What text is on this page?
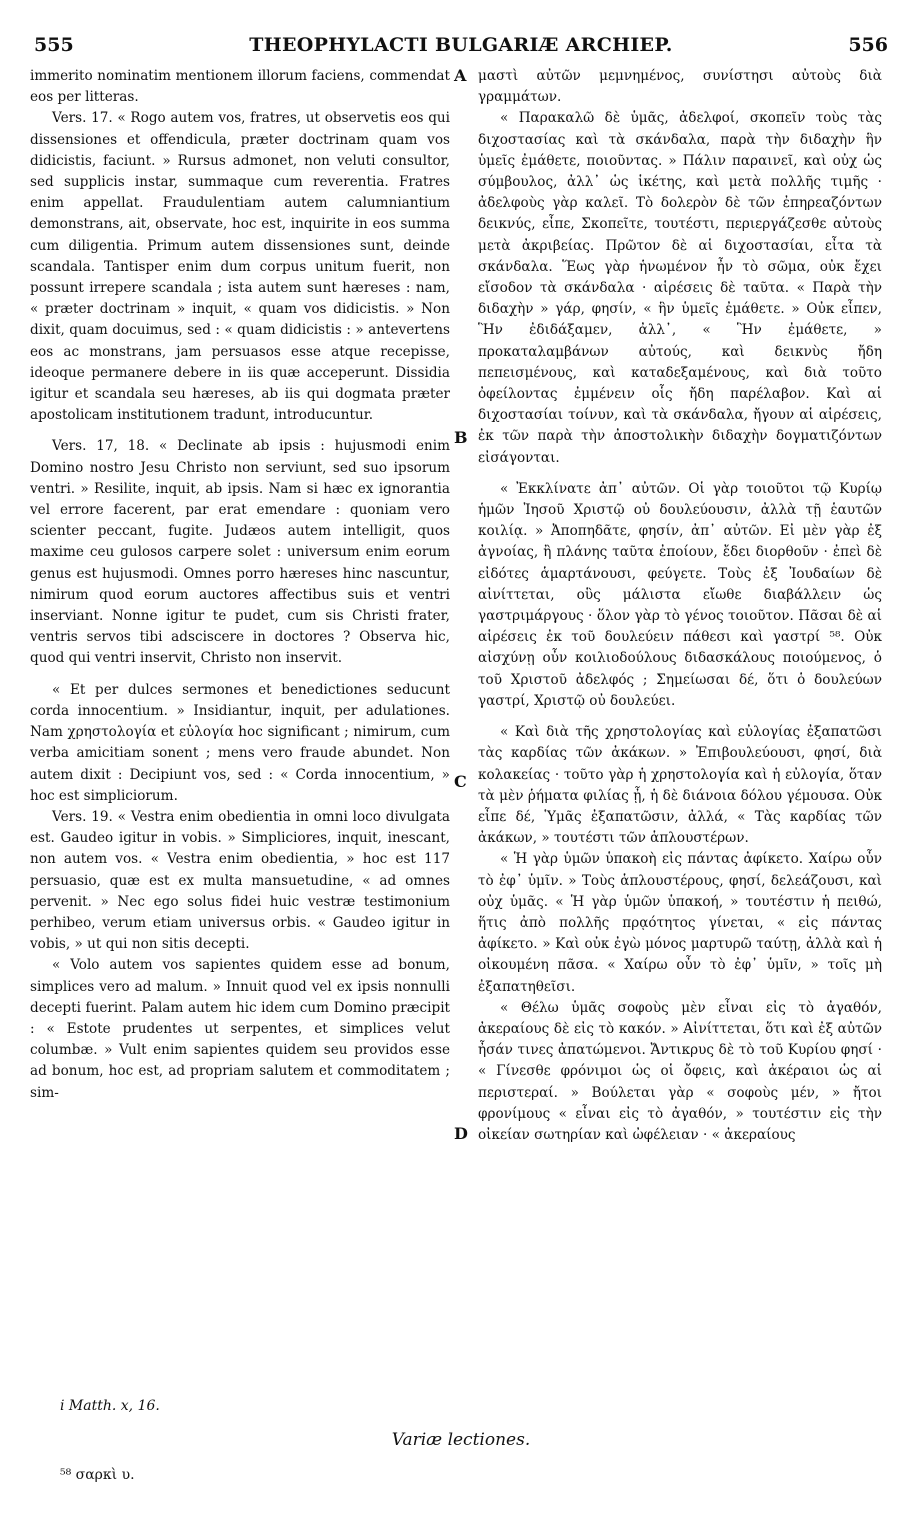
555	THEOPHYLACTI BULGARIÆ ARCHIEP.	556

immerito nominatim mentionem illorum faciens, commendat eos per litteras.

Vers. 17. « Rogo autem vos, fratres, ut observetis eos qui dissensiones et offendicula, præter doctrinam quam vos didicistis, faciunt. » Rursus admonet, non veluti consultor, sed supplicis instar, summaque cum reverentia. Fratres enim appellat. Fraudulentiam autem calumniantium demonstrans, ait, observate, hoc est, inquirite in eos summa cum diligentia. Primum autem dissensiones sunt, deinde scandala. Tantisper enim dum corpus unitum fuerit, non possunt irrepere scandala ; ista autem sunt hæreses : nam, « præter doctrinam » inquit, « quam vos didicistis. » Non dixit, quam docuimus, sed : « quam didicistis : » antevertens eos ac monstrans, jam persuasos esse atque recepisse, ideoque permanere debere in iis quæ acceperunt. Dissidia igitur et scandala seu hæreses, ab iis qui dogmata præter apostolicam institutionem tradunt, introducuntur.

Vers. 17, 18. « Declinate ab ipsis : hujusmodi enim Domino nostro Jesu Christo non serviunt, sed suo ipsorum ventri. » Resilite, inquit, ab ipsis. Nam si hæc ex ignorantia vel errore facerent, par erat emendare : quoniam vero scienter peccant, fugite. Judæos autem intelligit, quos maxime ceu gulosos carpere solet : universum enim eorum genus est hujusmodi. Omnes porro hæreses hinc nascuntur, nimirum quod eorum auctores affectibus suis et ventri inserviant. Nonne igitur te pudet, cum sis Christi frater, ventris servos tibi adsciscere in doctores ? Observa hic, quod qui ventri inservit, Christo non inservit.

« Et per dulces sermones et benedictiones seducunt corda innocentium. » Insidiantur, inquit, per adulationes. Nam χρηστολογία et εὐλογία hoc significant ; nimirum, cum verba amicitiam sonent ; mens vero fraude abundet. Non autem dixit : Decipiunt vos, sed : « Corda innocentium, » hoc est simpliciorum.

Vers. 19. « Vestra enim obedientia in omni loco divulgata est. Gaudeo igitur in vobis. » Simpliciores, inquit, inescant, non autem vos. « Vestra enim obedientia, » hoc est 117 persuasio, quæ est ex multa mansuetudine, « ad omnes pervenit. » Nec ego solus fidei huic vestræ testimonium perhibeo, verum etiam universus orbis. « Gaudeo igitur in vobis, » ut qui non sitis decepti.

« Volo autem vos sapientes quidem esse ad bonum, simplices vero ad malum. » Innuit quod vel ex ipsis nonnulli decepti fuerint. Palam autem hic idem cum Domino præcipit : « Estote prudentes ut serpentes, et simplices velut columbæ. » Vult enim sapientes quidem seu providos esse ad bonum, hoc est, ad propriam salutem et commoditatem ; sim-

A
B
C
D

μαστὶ αὐτῶν μεμνημένος, συνίστησι αὐτοὺς διὰ γραμμάτων.

« Παρακαλῶ δὲ ὑμᾶς, ἀδελφοί, σκοπεῖν τοὺς τὰς διχοστασίας καὶ τὰ σκάνδαλα, παρὰ τὴν διδαχὴν ἣν ὑμεῖς ἐμάθετε, ποιοῦντας. » Πάλιν παραινεῖ, καὶ οὐχ ὡς σύμβουλος, ἀλλ᾽ ὡς ἱκέτης, καὶ μετὰ πολλῆς τιμῆς · ἀδελφοὺς γὰρ καλεῖ. Τὸ δολερὸν δὲ τῶν ἐπηρεαζόντων δεικνύς, εἶπε, Σκοπεῖτε, τουτέστι, περιεργάζεσθε αὐτοὺς μετὰ ἀκριβείας. Πρῶτον δὲ αἱ διχοστασίαι, εἶτα τὰ σκάνδαλα. Ἕως γὰρ ἡνωμένον ἦν τὸ σῶμα, οὐκ ἔχει εἴσοδον τὰ σκάνδαλα · αἱρέσεις δὲ ταῦτα. « Παρὰ τὴν διδαχὴν » γάρ, φησίν, « ἣν ὑμεῖς ἐμάθετε. » Οὐκ εἶπεν, Ἣν ἐδιδάξαμεν, ἀλλ᾽, « Ἣν ἐμάθετε, » προκαταλαμβάνων αὐτούς, καὶ δεικνὺς ἤδη πεπεισμένους, καὶ καταδεξαμένους, καὶ διὰ τοῦτο ὀφείλοντας ἐμμένειν οἷς ἤδη παρέλαβον. Καὶ αἱ διχοστασίαι τοίνυν, καὶ τὰ σκάνδαλα, ἤγουν αἱ αἱρέσεις, ἐκ τῶν παρὰ τὴν ἀποστολικὴν διδαχὴν δογματιζόντων εἰσάγονται.

« Ἐκκλίνατε ἀπ᾽ αὐτῶν. Οἱ γὰρ τοιοῦτοι τῷ Κυρίῳ ἡμῶν Ἰησοῦ Χριστῷ οὐ δουλεύουσιν, ἀλλὰ τῇ ἑαυτῶν κοιλίᾳ. » Ἀποπηδᾶτε, φησίν, ἀπ᾽ αὐτῶν. Εἰ μὲν γὰρ ἐξ ἀγνοίας, ἢ πλάνης ταῦτα ἐποίουν, ἔδει διορθοῦν · ἐπεὶ δὲ εἰδότες ἁμαρτάνουσι, φεύγετε. Τοὺς ἐξ Ἰουδαίων δὲ αἰνίττεται, οὓς μάλιστα εἴωθε διαβάλλειν ὡς γαστριμάργους · ὅλον γὰρ τὸ γένος τοιοῦτον. Πᾶσαι δὲ αἱ αἱρέσεις ἐκ τοῦ δουλεύειν πάθεσι καὶ γαστρί ⁵⁸. Οὐκ αἰσχύνῃ οὖν κοιλιοδούλους διδασκάλους ποιούμενος, ὁ τοῦ Χριστοῦ ἀδελφός ; Σημείωσαι δέ, ὅτι ὁ δουλεύων γαστρί, Χριστῷ οὐ δουλεύει.

« Καὶ διὰ τῆς χρηστολογίας καὶ εὐλογίας ἐξαπατῶσι τὰς καρδίας τῶν ἀκάκων. » Ἐπιβουλεύουσι, φησί, διὰ κολακείας · τοῦτο γὰρ ἡ χρηστολογία καὶ ἡ εὐλογία, ὅταν τὰ μὲν ῥήματα φιλίας ᾖ, ἡ δὲ διάνοια δόλου γέμουσα. Οὐκ εἶπε δέ, Ὑμᾶς ἐξαπατῶσιν, ἀλλά, « Τὰς καρδίας τῶν ἀκάκων, » τουτέστι τῶν ἁπλουστέρων.

« Ἡ γὰρ ὑμῶν ὑπακοὴ εἰς πάντας ἀφίκετο. Χαίρω οὖν τὸ ἐφ᾽ ὑμῖν. » Τοὺς ἁπλουστέρους, φησί, δελεάζουσι, καὶ οὐχ ὑμᾶς. « Ἡ γὰρ ὑμῶν ὑπακοή, » τουτέστιν ἡ πειθώ, ἥτις ἀπὸ πολλῆς πρᾳότητος γίνεται, « εἰς πάντας ἀφίκετο. » Καὶ οὐκ ἐγὼ μόνος μαρτυρῶ ταύτῃ, ἀλλὰ καὶ ἡ οἰκουμένη πᾶσα. « Χαίρω οὖν τὸ ἐφ᾽ ὑμῖν, » τοῖς μὴ ἐξαπατηθεῖσι.

« Θέλω ὑμᾶς σοφοὺς μὲν εἶναι εἰς τὸ ἀγαθόν, ἀκεραίους δὲ εἰς τὸ κακόν. » Αἰνίττεται, ὅτι καὶ ἐξ αὐτῶν ἦσάν τινες ἀπατώμενοι. Ἄντικρυς δὲ τὸ τοῦ Κυρίου φησί · « Γίνεσθε φρόνιμοι ὡς οἱ ὄφεις, καὶ ἀκέραιοι ὡς αἱ περιστεραί. » Βούλεται γὰρ « σοφοὺς μέν, » ἤτοι φρονίμους « εἶναι εἰς τὸ ἀγαθόν, » τουτέστιν εἰς τὴν οἰκείαν σωτηρίαν καὶ ὠφέλειαν · « ἀκεραίους

i Matth. x, 16.
Variæ lectiones.
⁵⁸ σαρκὶ υ.
